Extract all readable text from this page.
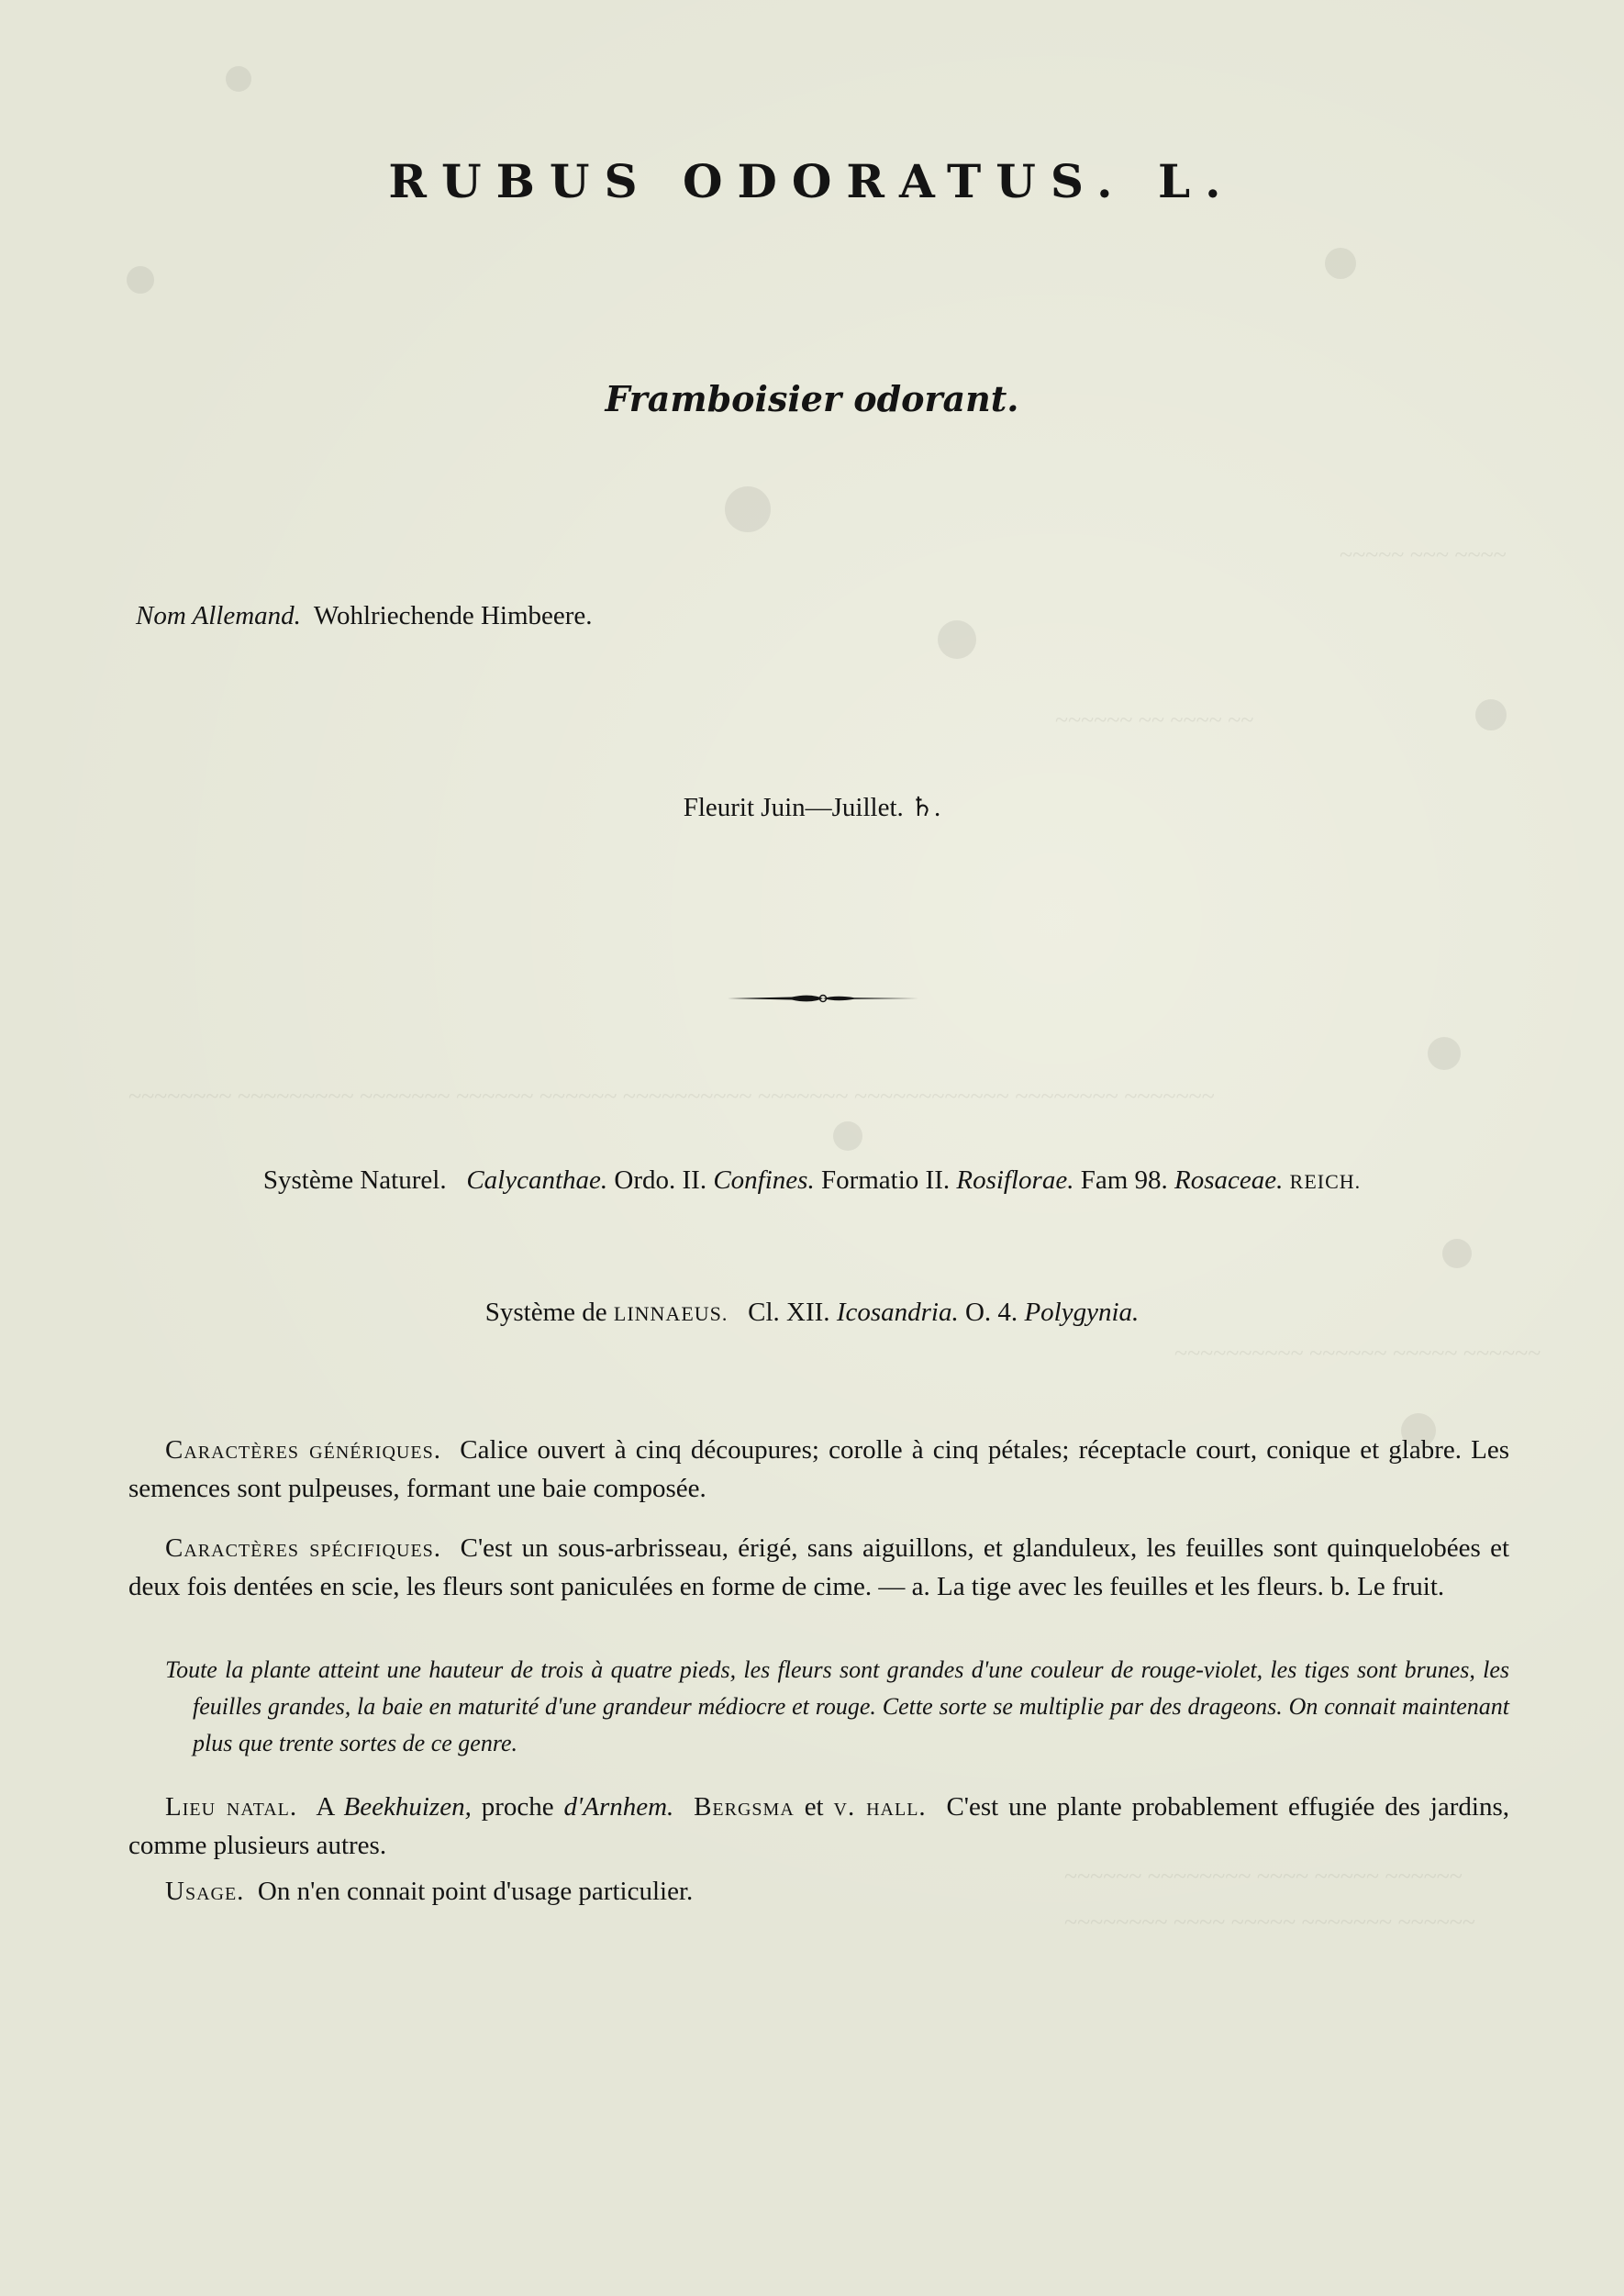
~~~~~ ~~~ ~~~~
~~~~~~ ~~ ~~~~ ~~
~~~~~~~~ ~~~~~~~~~ ~~~~~~~ ~~~~~~ ~~~~~~ ~~~~~~~~~~ ~~~~~~~ ~~~~~~~~~~~~ ~~~~~~~~ ~~~~~~~
~~~~~~~~~~ ~~~~~~ ~~~~~ ~~~~~~
~~~~~~ ~~~~~~~~ ~~~~ ~~~~~ ~~~~~~
~~~~~~~~ ~~~~ ~~~~~ ~~~~~~~ ~~~~~~
RUBUS ODORATUS. L.
Framboisier odorant.
Nom Allemand. Wohlriechende Himbeere.
Fleurit Juin—Juillet. ♄.
Système Naturel. Calycanthae. Ordo. II. Confines. Formatio II. Rosiflorae. Fam 98. Rosaceae. REICH.
Système de LINNAEUS. Cl. XII. Icosandria. O. 4. Polygynia.

Caractères génériques. Calice ouvert à cinq découpures; corolle à cinq pétales; réceptacle court, conique et glabre. Les semences sont pulpeuses, formant une baie composée.

Caractères spécifiques. C'est un sous-arbrisseau, érigé, sans aiguillons, et glanduleux, les feuilles sont quinquelobées et deux fois dentées en scie, les fleurs sont paniculées en forme de cime. — a. La tige avec les feuilles et les fleurs. b. Le fruit.

Toute la plante atteint une hauteur de trois à quatre pieds, les fleurs sont grandes d'une couleur de rouge-violet, les tiges sont brunes, les feuilles grandes, la baie en maturité d'une grandeur médiocre et rouge. Cette sorte se multiplie par des drageons. On connait maintenant plus que trente sortes de ce genre.

Lieu natal. A Beekhuizen, proche d'Arnhem. Bergsma et v. hall. C'est une plante probablement effugiée des jardins, comme plusieurs autres.

Usage. On n'en connait point d'usage particulier.
